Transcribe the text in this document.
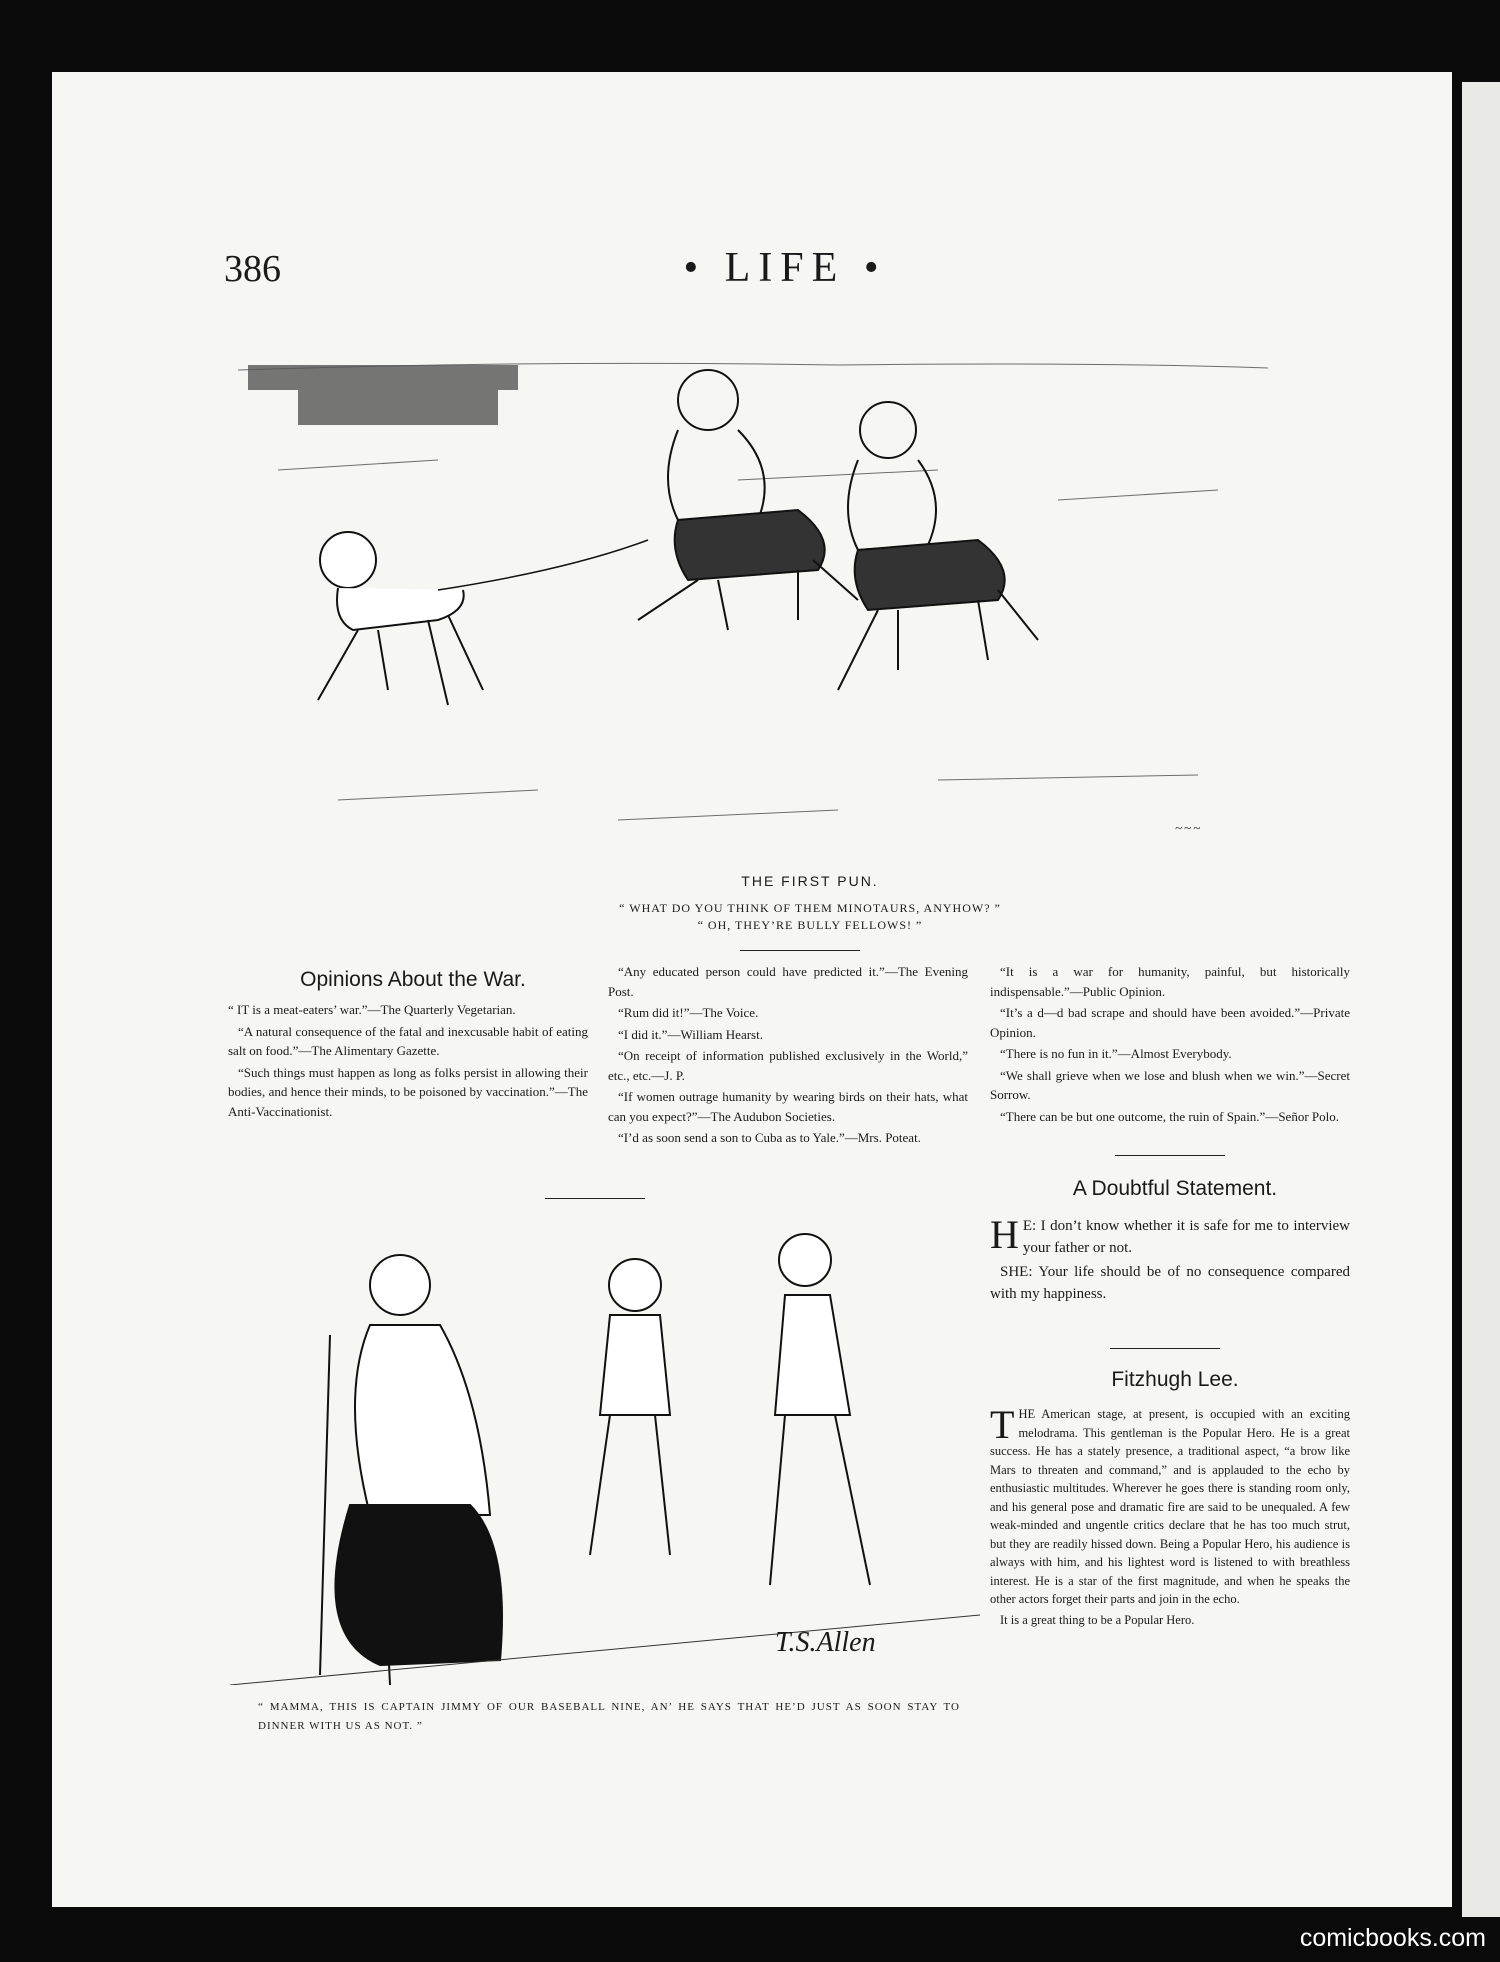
386	• LIFE •
~~~
THE FIRST PUN.
“ WHAT DO YOU THINK OF THEM MINOTAURS, ANYHOW? ”
“ OH, THEY’RE BULLY FELLOWS! ”
Opinions About the War.

“ IT is a meat-eaters’ war.”—The Quarterly Vegetarian.

“A natural consequence of the fatal and inexcusable habit of eating salt on food.”—The Alimentary Gazette.

“Such things must happen as long as folks persist in allowing their bodies, and hence their minds, to be poisoned by vaccination.”—The Anti-Vaccinationist.

“Any educated person could have predicted it.”—The Evening Post.

“Rum did it!”—The Voice.

“I did it.”—William Hearst.

“On receipt of information published exclusively in the World,” etc., etc.—J. P.

“If women outrage humanity by wearing birds on their hats, what can you expect?”—The Audubon Societies.

“I’d as soon send a son to Cuba as to Yale.”—Mrs. Poteat.

“It is a war for humanity, painful, but historically indispensable.”—Public Opinion.

“It’s a d—d bad scrape and should have been avoided.”—Private Opinion.

“There is no fun in it.”—Almost Everybody.

“We shall grieve when we lose and blush when we win.”—Secret Sorrow.

“There can be but one outcome, the ruin of Spain.”—Señor Polo.

A Doubtful Statement.

H E: I don’t know whether it is safe for me to interview your father or not.

SHE: Your life should be of no consequence compared with my happiness.

Fitzhugh Lee.

THE American stage, at present, is occupied with an exciting melodrama. This gentleman is the Popular Hero. He is a great success. He has a stately presence, a traditional aspect, “a brow like Mars to threaten and command,” and is applauded to the echo by enthusiastic multitudes. Wherever he goes there is standing room only, and his general pose and dramatic fire are said to be unequaled. A few weak-minded and ungentle critics declare that he has too much strut, but they are readily hissed down. Being a Popular Hero, his audience is always with him, and his lightest word is listened to with breathless interest. He is a star of the first magnitude, and when he speaks the other actors forget their parts and join in the echo.

It is a great thing to be a Popular Hero.

T.S.Allen
“ MAMMA, THIS IS CAPTAIN JIMMY OF OUR BASEBALL NINE, AN’ HE SAYS THAT HE’D JUST AS SOON STAY TO DINNER WITH US AS NOT. ”
comicbooks.com
